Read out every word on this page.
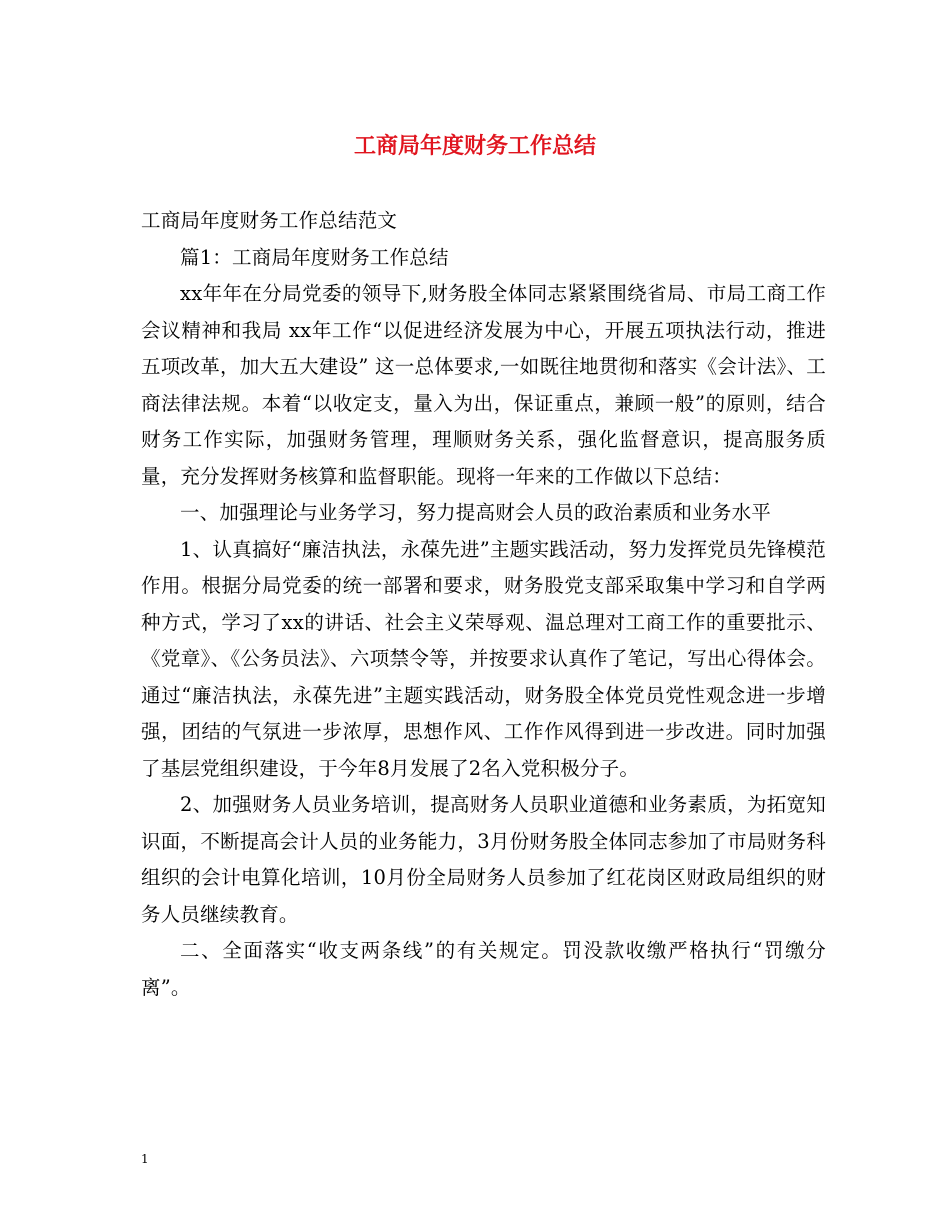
工商局年度财务工作总结

工商局年度财务工作总结范文

篇1：工商局年度财务工作总结

xx年年在分局党委的领导下,财务股全体同志紧紧围绕省局、市局工商工作会议精神和我局 xx年工作“以促进经济发展为中心，开展五项执法行动，推进五项改革，加大五大建设” 这一总体要求,一如既往地贯彻和落实《会计法》、工商法律法规。本着“以收定支，量入为出，保证重点，兼顾一般”的原则，结合财务工作实际，加强财务管理，理顺财务关系，强化监督意识，提高服务质量，充分发挥财务核算和监督职能。现将一年来的工作做以下总结：

一、加强理论与业务学习，努力提高财会人员的政治素质和业务水平

1、认真搞好“廉洁执法，永葆先进”主题实践活动，努力发挥党员先锋模范作用。根据分局党委的统一部署和要求，财务股党支部采取集中学习和自学两种方式，学习了xx的讲话、社会主义荣辱观、温总理对工商工作的重要批示、《党章》、《公务员法》、六项禁令等，并按要求认真作了笔记，写出心得体会。通过“廉洁执法，永葆先进”主题实践活动，财务股全体党员党性观念进一步增强，团结的气氛进一步浓厚，思想作风、工作作风得到进一步改进。同时加强了基层党组织建设，于今年8月发展了2名入党积极分子。

2、加强财务人员业务培训，提高财务人员职业道德和业务素质，为拓宽知识面，不断提高会计人员的业务能力，3月份财务股全体同志参加了市局财务科组织的会计电算化培训，10月份全局财务人员参加了红花岗区财政局组织的财务人员继续教育。

二、全面落实“收支两条线”的有关规定。罚没款收缴严格执行“罚缴分离”。

1
